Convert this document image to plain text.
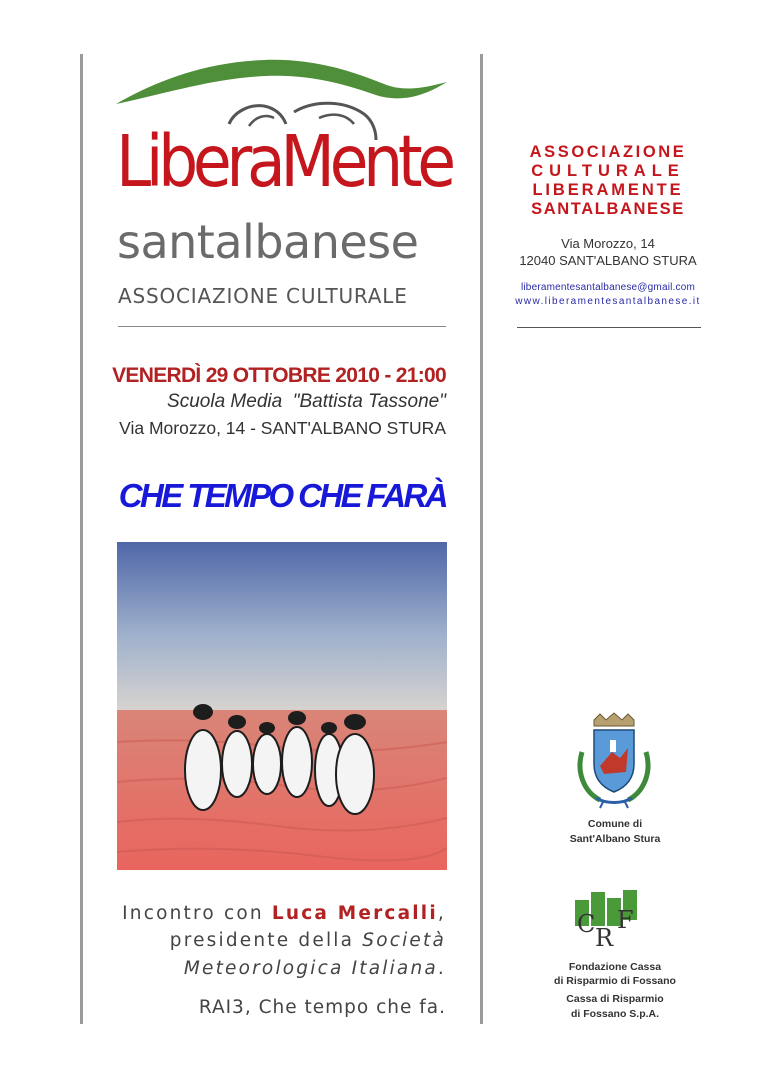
LiberaMente
santalbanese
ASSOCIAZIONE CULTURALE
VENERDÌ 29 OTTOBRE 2010 - 21:00
Scuola Media  "Battista Tassone"
Via Morozzo, 14 - SANT'ALBANO STURA
CHE TEMPO CHE FARÀ
Incontro con Luca Mercalli,
presidente della Società
Meteorologica Italiana.
RAI3, Che tempo che fa.
ASSOCIAZIONE
CULTURALE
LIBERAMENTE
SANTALBANESE
Via Morozzo, 14
12040 SANT'ALBANO STURA
liberamentesantalbanese@gmail.com
www.liberamentesantalbanese.it
Comune di
Sant'Albano Stura
C R
F
Fondazione Cassa
di Risparmio di Fossano
Cassa di Risparmio
di Fossano S.p.A.
